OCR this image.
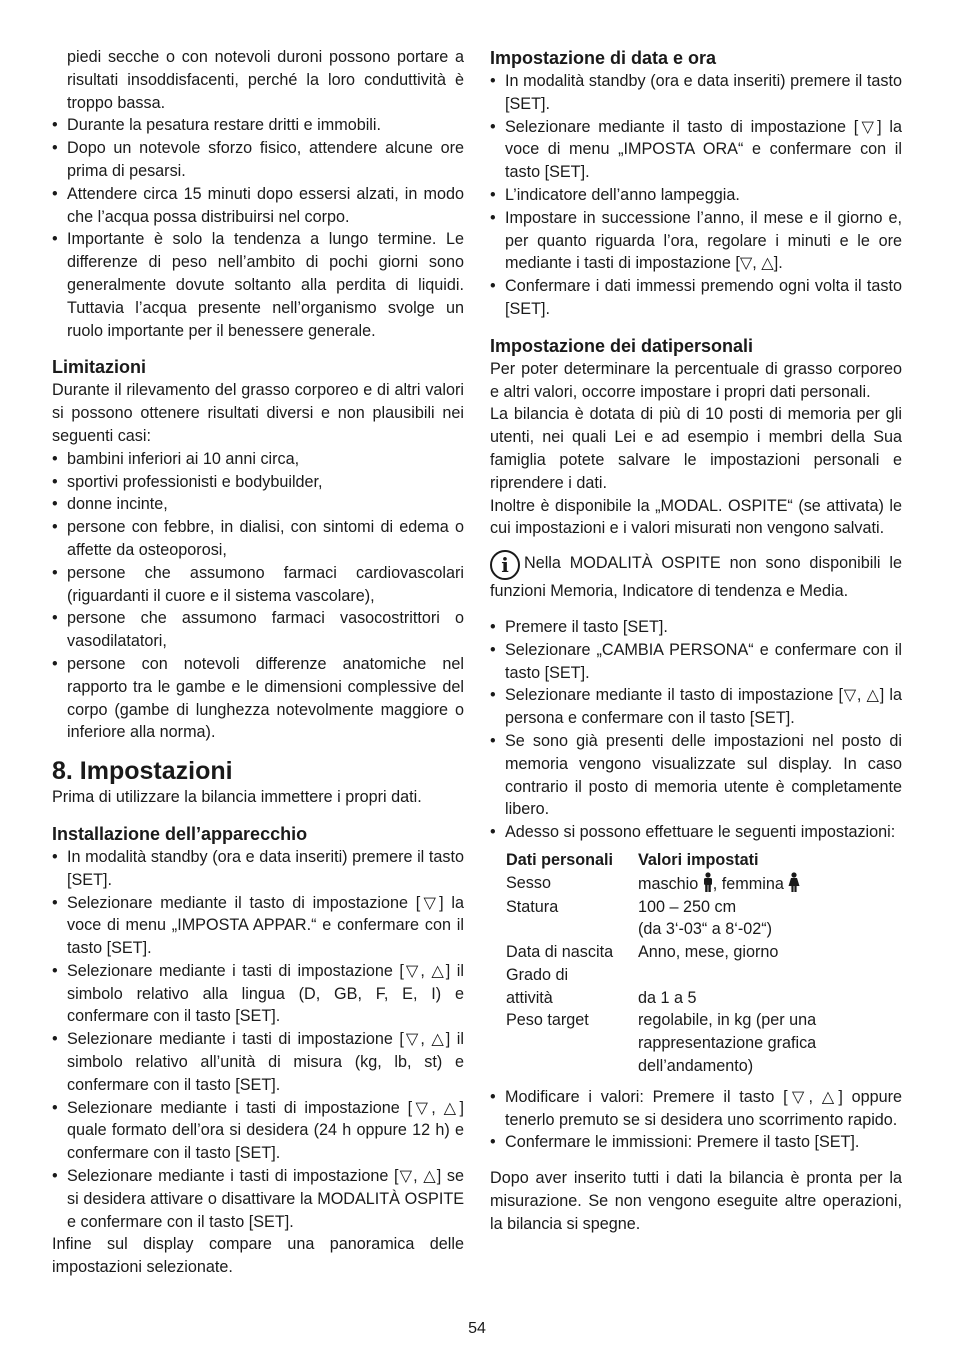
piedi secche o con notevoli duroni possono portare a risultati insoddisfacenti, perché la loro conduttività è troppo bassa.

• Durante la pesatura restare dritti e immobili.
• Dopo un notevole sforzo fisico, attendere alcune ore prima di pesarsi.
• Attendere circa 15 minuti dopo essersi alzati, in modo che l’acqua possa distribuirsi nel corpo.
• Importante è solo la tendenza a lungo termine. Le differenze di peso nell’ambito di pochi giorni sono generalmente dovute soltanto alla perdita di liquidi. Tuttavia l’acqua presente nell’organismo svolge un ruolo importante per il benessere generale.
Limitazioni

Durante il rilevamento del grasso corporeo e di altri valori si possono ottenere risultati diversi e non plausibili nei seguenti casi:

• bambini inferiori ai 10 anni circa,
• sportivi professionisti e bodybuilder,
• donne incinte,
• persone con febbre, in dialisi, con sintomi di edema o affette da osteoporosi,
• persone che assumono farmaci cardiovascolari (riguardanti il cuore e il sistema vascolare),
• persone che assumono farmaci vasocostrittori o vasodilatatori,
• persone con notevoli differenze anatomiche nel rapporto tra le gambe e le dimensioni complessive del corpo (gambe di lunghezza notevolmente maggiore o inferiore alla norma).
8. Impostazioni

Prima di utilizzare la bilancia immettere i propri dati.

Installazione dell’apparecchio
• In modalità standby (ora e data inseriti) premere il tasto [SET].
• Selezionare mediante il tasto di impostazione [▽] la voce di menu „IMPOSTA APPAR.“ e confermare con il tasto [SET].
• Selezionare mediante i tasti di impostazione [▽, △] il simbolo relativo alla lingua (D, GB, F, E, I) e confermare con il tasto [SET].
• Selezionare mediante i tasti di impostazione [▽, △] il simbolo relativo all’unità di misura (kg, lb, st) e confermare con il tasto [SET].
• Selezionare mediante i tasti di impostazione [▽, △] quale formato dell’ora si desidera (24 h oppure 12 h) e confermare con il tasto [SET].
• Selezionare mediante i tasti di impostazione [▽, △] se si desidera attivare o disattivare la MODALITÀ OSPITE e confermare con il tasto [SET].

Infine sul display compare una panoramica delle impostazioni selezionate.

Impostazione di data e ora
• In modalità standby (ora e data inseriti) premere il tasto [SET].
• Selezionare mediante il tasto di impostazione [▽] la voce di menu „IMPOSTA ORA“ e confermare con il tasto [SET].
• L’indicatore dell’anno lampeggia.
• Impostare in successione l’anno, il mese e il giorno e, per quanto riguarda l’ora, regolare i minuti e le ore mediante i tasti di impostazione [▽, △].
• Confermare i dati immessi premendo ogni volta il tasto [SET].
Impostazione dei datipersonali

Per poter determinare la percentuale di grasso corporeo e altri valori, occorre impostare i propri dati personali.

La bilancia è dotata di più di 10 posti di memoria per gli utenti, nei quali Lei e ad esempio i membri della Sua famiglia potete salvare le impostazioni personali e riprendere i dati.

Inoltre è disponibile la „MODAL. OSPITE“ (se attivata) le cui impostazioni e i valori misurati non vengono salvati.

i Nella MODALITÀ OSPITE non sono disponibili le funzioni Memoria, Indicatore di tendenza e Media.

• Premere il tasto [SET].
• Selezionare „CAMBIA PERSONA“ e confermare con il tasto [SET].
• Selezionare mediante il tasto di impostazione [▽, △] la persona e confermare con il tasto [SET].
• Se sono già presenti delle impostazioni nel posto di memoria vengono visualizzate sul display. In caso contrario il posto di memoria utente è completamente libero.
• Adesso si possono effettuare le seguenti impostazioni:
Dati personali	Valori impostati
Sesso	maschio , femmina
Statura	100 – 250 cm
(da 3‘-03“ a 8‘-02“)

Data di nascita	Anno, mese, giorno

Grado di
attività	da 1 a 5

Peso target	regolabile, in kg (per una
rappresentazione grafica
dell’andamento)
• Modificare i valori: Premere il tasto [▽, △] oppure tenerlo premuto se si desidera uno scorrimento rapido.
• Confermare le immissioni: Premere il tasto [SET].

Dopo aver inserito tutti i dati la bilancia è pronta per la misurazione. Se non vengono eseguite altre operazioni, la bilancia si spegne.

54
